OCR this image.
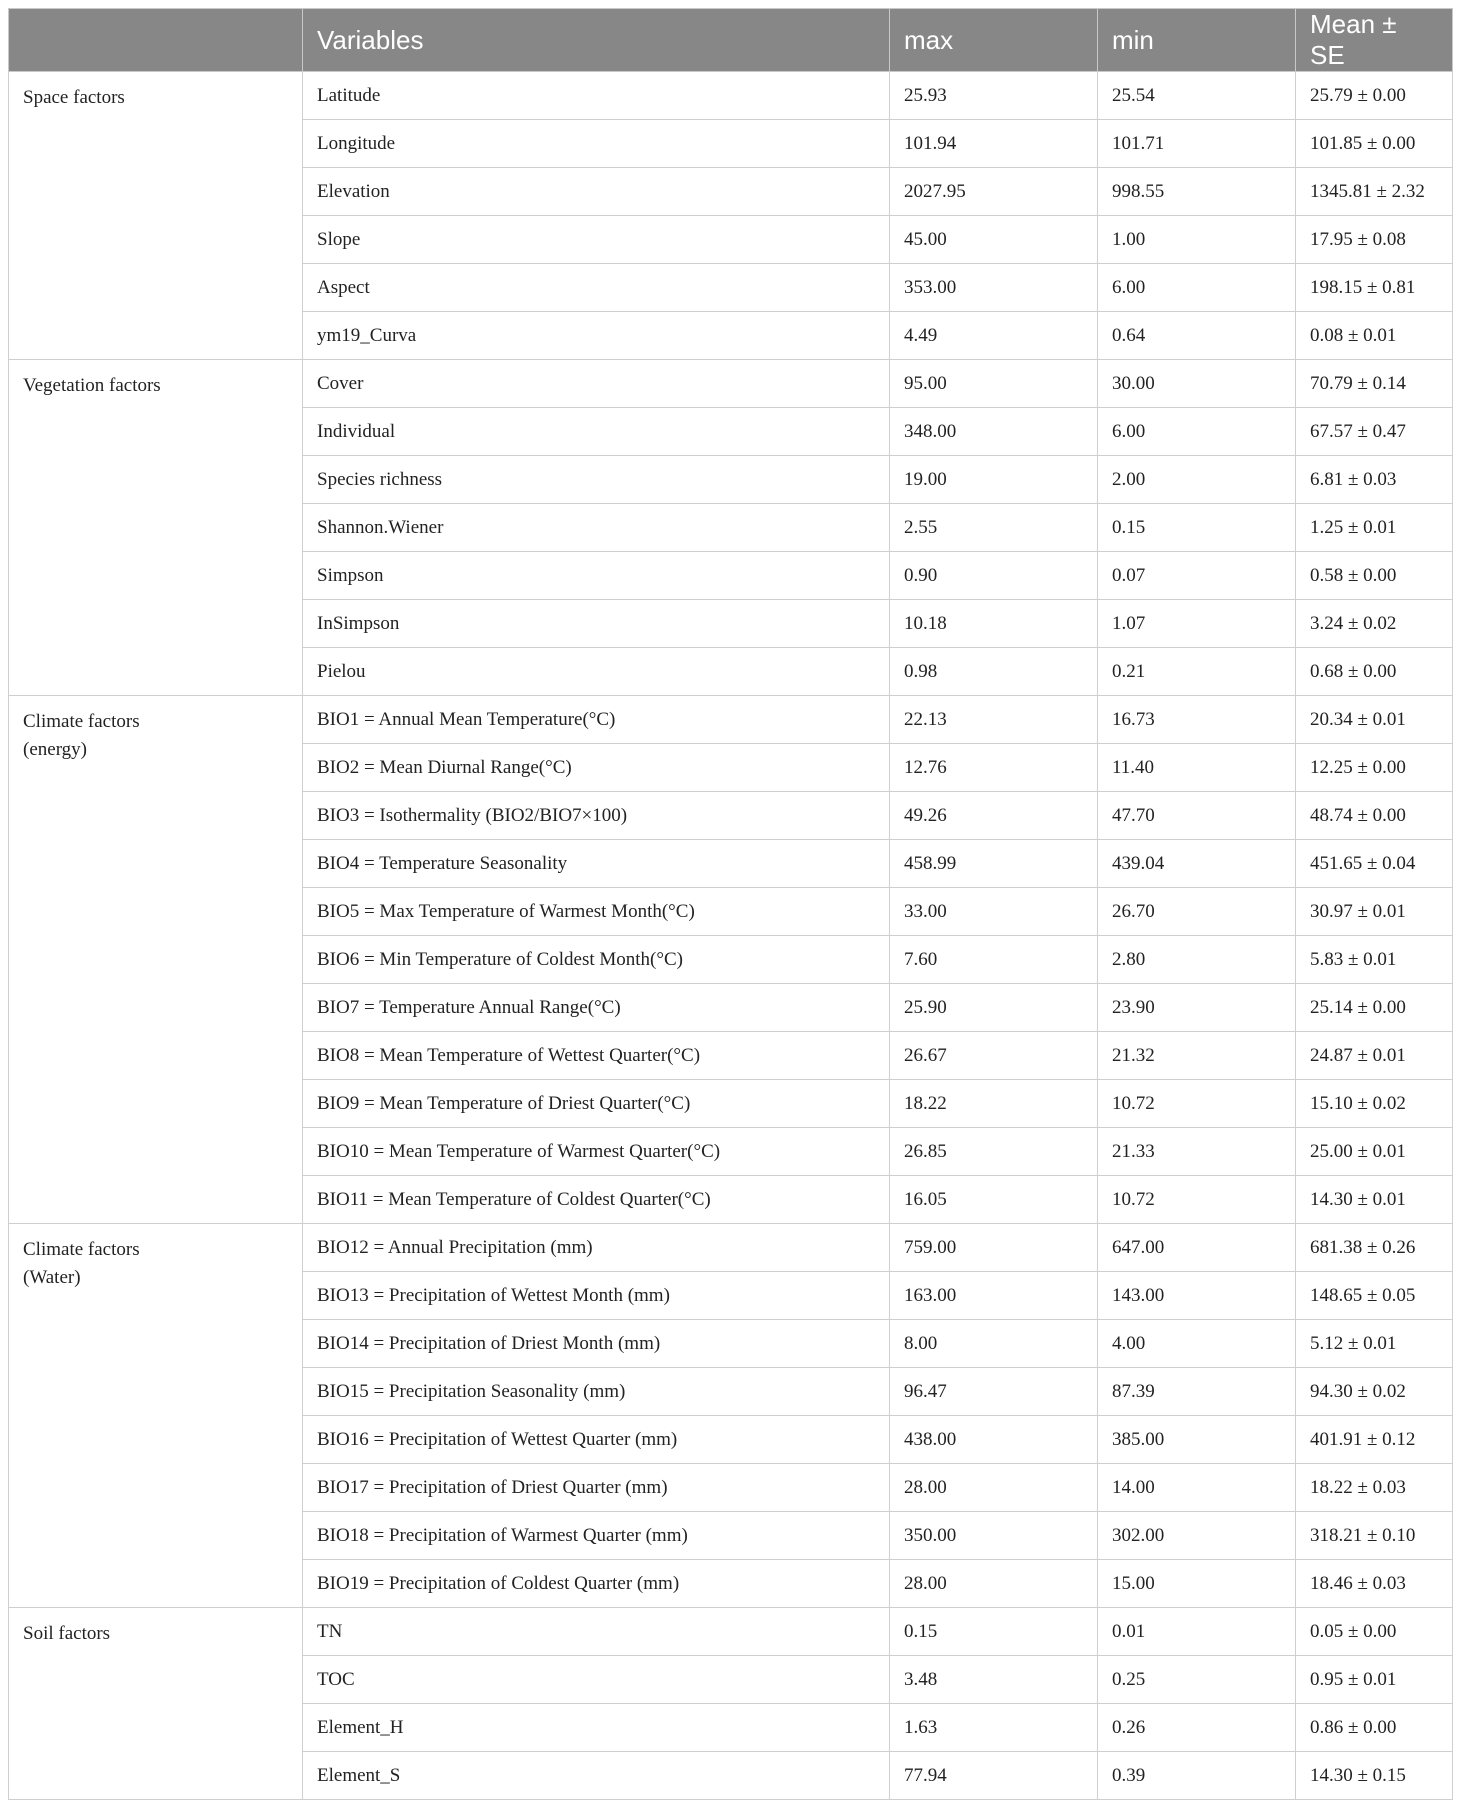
	Variables	max	min	Mean ± SE

Space factors	Latitude	25.93	25.54	25.79 ± 0.00
	Longitude	101.94	101.71	101.85 ± 0.00
	Elevation	2027.95	998.55	1345.81 ± 2.32
	Slope	45.00	1.00	17.95 ± 0.08
	Aspect	353.00	6.00	198.15 ± 0.81
	ym19_Curva	4.49	0.64	0.08 ± 0.01

Vegetation factors	Cover	95.00	30.00	70.79 ± 0.14
	Individual	348.00	6.00	67.57 ± 0.47
	Species richness	19.00	2.00	6.81 ± 0.03
	Shannon.Wiener	2.55	0.15	1.25 ± 0.01
	Simpson	0.90	0.07	0.58 ± 0.00
	InSimpson	10.18	1.07	3.24 ± 0.02
	Pielou	0.98	0.21	0.68 ± 0.00

Climate factors
(energy)	BIO1 = Annual Mean Temperature(°C)	22.13	16.73	20.34 ± 0.01
	BIO2 = Mean Diurnal Range(°C)	12.76	11.40	12.25 ± 0.00
	BIO3 = Isothermality (BIO2/BIO7×100)	49.26	47.70	48.74 ± 0.00
	BIO4 = Temperature Seasonality	458.99	439.04	451.65 ± 0.04
	BIO5 = Max Temperature of Warmest Month(°C)	33.00	26.70	30.97 ± 0.01
	BIO6 = Min Temperature of Coldest Month(°C)	7.60	2.80	5.83 ± 0.01
	BIO7 = Temperature Annual Range(°C)	25.90	23.90	25.14 ± 0.00
	BIO8 = Mean Temperature of Wettest Quarter(°C)	26.67	21.32	24.87 ± 0.01
	BIO9 = Mean Temperature of Driest Quarter(°C)	18.22	10.72	15.10 ± 0.02
	BIO10 = Mean Temperature of Warmest Quarter(°C)	26.85	21.33	25.00 ± 0.01
	BIO11 = Mean Temperature of Coldest Quarter(°C)	16.05	10.72	14.30 ± 0.01

Climate factors
(Water)	BIO12 = Annual Precipitation (mm)	759.00	647.00	681.38 ± 0.26
	BIO13 = Precipitation of Wettest Month (mm)	163.00	143.00	148.65 ± 0.05
	BIO14 = Precipitation of Driest Month (mm)	8.00	4.00	5.12 ± 0.01
	BIO15 = Precipitation Seasonality (mm)	96.47	87.39	94.30 ± 0.02
	BIO16 = Precipitation of Wettest Quarter (mm)	438.00	385.00	401.91 ± 0.12
	BIO17 = Precipitation of Driest Quarter (mm)	28.00	14.00	18.22 ± 0.03
	BIO18 = Precipitation of Warmest Quarter (mm)	350.00	302.00	318.21 ± 0.10
	BIO19 = Precipitation of Coldest Quarter (mm)	28.00	15.00	18.46 ± 0.03

Soil factors	TN	0.15	0.01	0.05 ± 0.00
	TOC	3.48	0.25	0.95 ± 0.01
	Element_H	1.63	0.26	0.86 ± 0.00
	Element_S	77.94	0.39	14.30 ± 0.15
